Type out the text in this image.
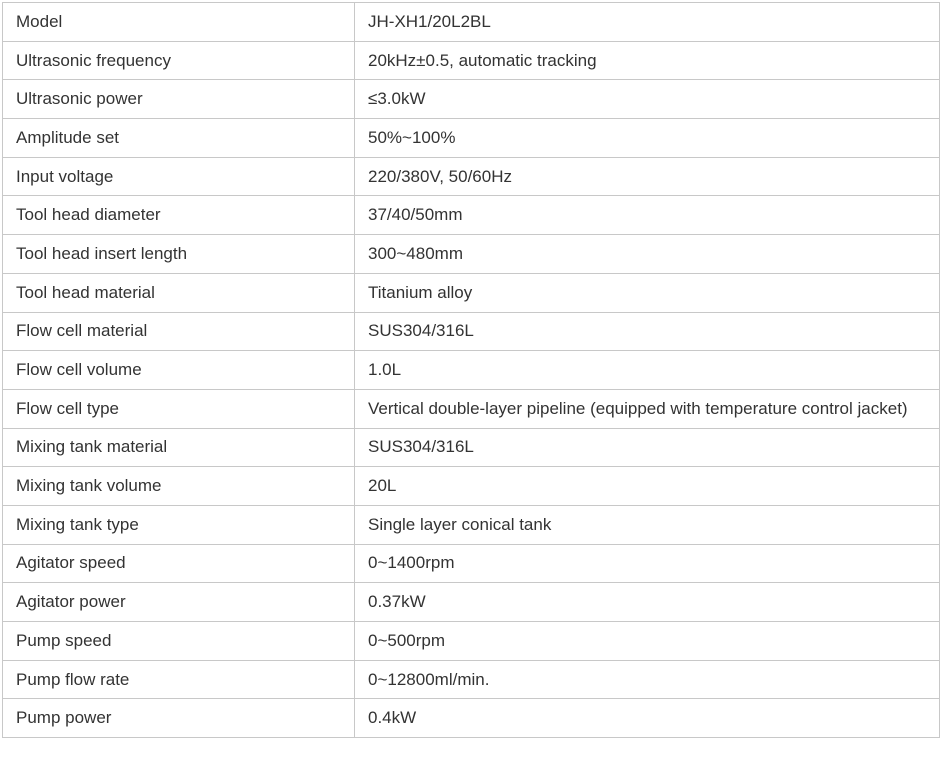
Model	JH-XH1/20L2BL
Ultrasonic frequency	20kHz±0.5, automatic tracking
Ultrasonic power	≤3.0kW
Amplitude set	50%~100%
Input voltage	220/380V, 50/60Hz
Tool head diameter	37/40/50mm
Tool head insert length	300~480mm
Tool head material	Titanium alloy
Flow cell material	SUS304/316L
Flow cell volume	1.0L
Flow cell type	Vertical double-layer pipeline (equipped with temperature control jacket)
Mixing tank material	SUS304/316L
Mixing tank volume	20L
Mixing tank type	Single layer conical tank
Agitator speed	0~1400rpm
Agitator power	0.37kW
Pump speed	0~500rpm
Pump flow rate	0~12800ml/min.
Pump power	0.4kW
